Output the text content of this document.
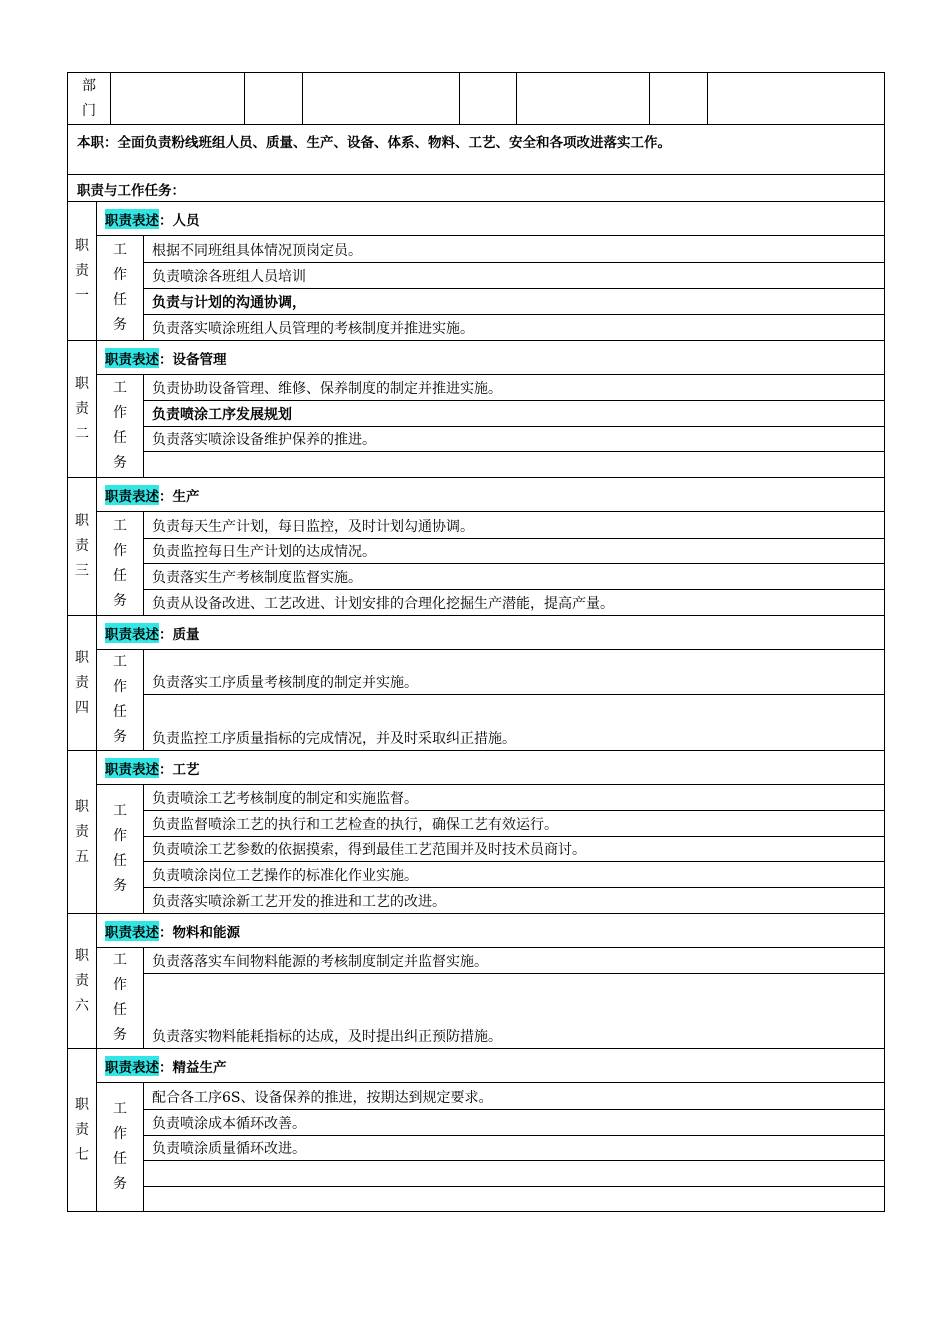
部
门
本职：全面负责粉线班组人员、质量、生产、设备、体系、物料、工艺、安全和各项改进落实工作。
职责与工作任务：
职
责
一
职责表述 ：人员
工
作
任
务
根据不同班组具体情况顶岗定员。
负责喷涂各班组人员培训
负责与计划的沟通协调，
负责落实喷涂班组人员管理的考核制度并推进实施。
职
责
二
职责表述 ：设备管理
工
作
任
务
负责协助设备管理、维修、保养制度的制定并推进实施。
负责喷涂工序发展规划
负责落实喷涂设备维护保养的推进。
职
责
三
职责表述 ：生产
工
作
任
务
负责每天生产计划，每日监控，及时计划勾通协调。
负责监控每日生产计划的达成情况。
负责落实生产考核制度监督实施。
负责从设备改进、工艺改进、计划安排的合理化挖掘生产潜能，提高产量。
职
责
四
职责表述 ：质量
工
作
任
务
负责落实工序质量考核制度的制定并实施。
负责监控工序质量指标的完成情况，并及时采取纠正措施。
职
责
五
职责表述 ：工艺
工
作
任
务
负责喷涂工艺考核制度的制定和实施监督。
负责监督喷涂工艺的执行和工艺检查的执行，确保工艺有效运行。
负责喷涂工艺参数的依据摸索，得到最佳工艺范围并及时技术员商讨。
负责喷涂岗位工艺操作的标准化作业实施。
负责落实喷涂新工艺开发的推进和工艺的改进。
职
责
六
职责表述 ：物料和能源
工
作
任
务
负责落落实车间物料能源的考核制度制定并监督实施。
负责落实物料能耗指标的达成，及时提出纠正预防措施。
职
责
七
职责表述 ：精益生产
工
作
任
务
配合各工序6S、设备保养的推进，按期达到规定要求。
负责喷涂成本循环改善。
负责喷涂质量循环改进。
